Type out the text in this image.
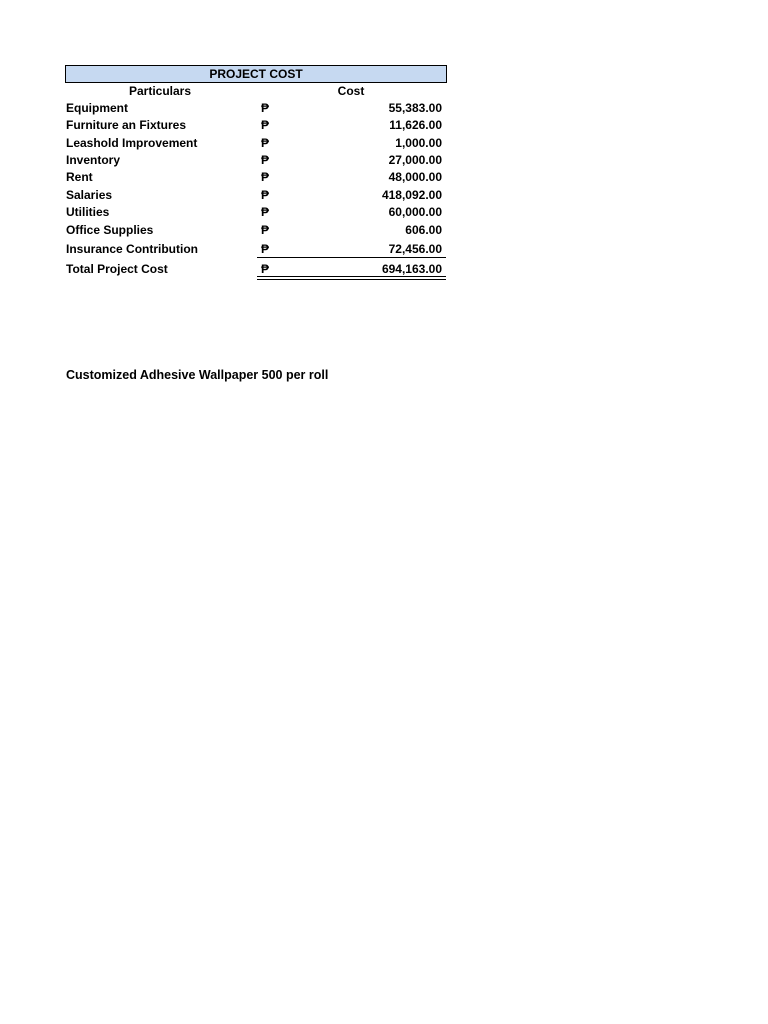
PROJECT COST
Particulars	Cost
Equipment	₱	55,383.00
Furniture an Fixtures	₱	11,626.00
Leashold Improvement	₱	1,000.00
Inventory	₱	27,000.00
Rent	₱	48,000.00
Salaries	₱	418,092.00
Utilities	₱	60,000.00
Office Supplies	₱	606.00
Insurance Contribution	₱	72,456.00
Total Project Cost	₱	694,163.00
Customized Adhesive Wallpaper 500 per roll
